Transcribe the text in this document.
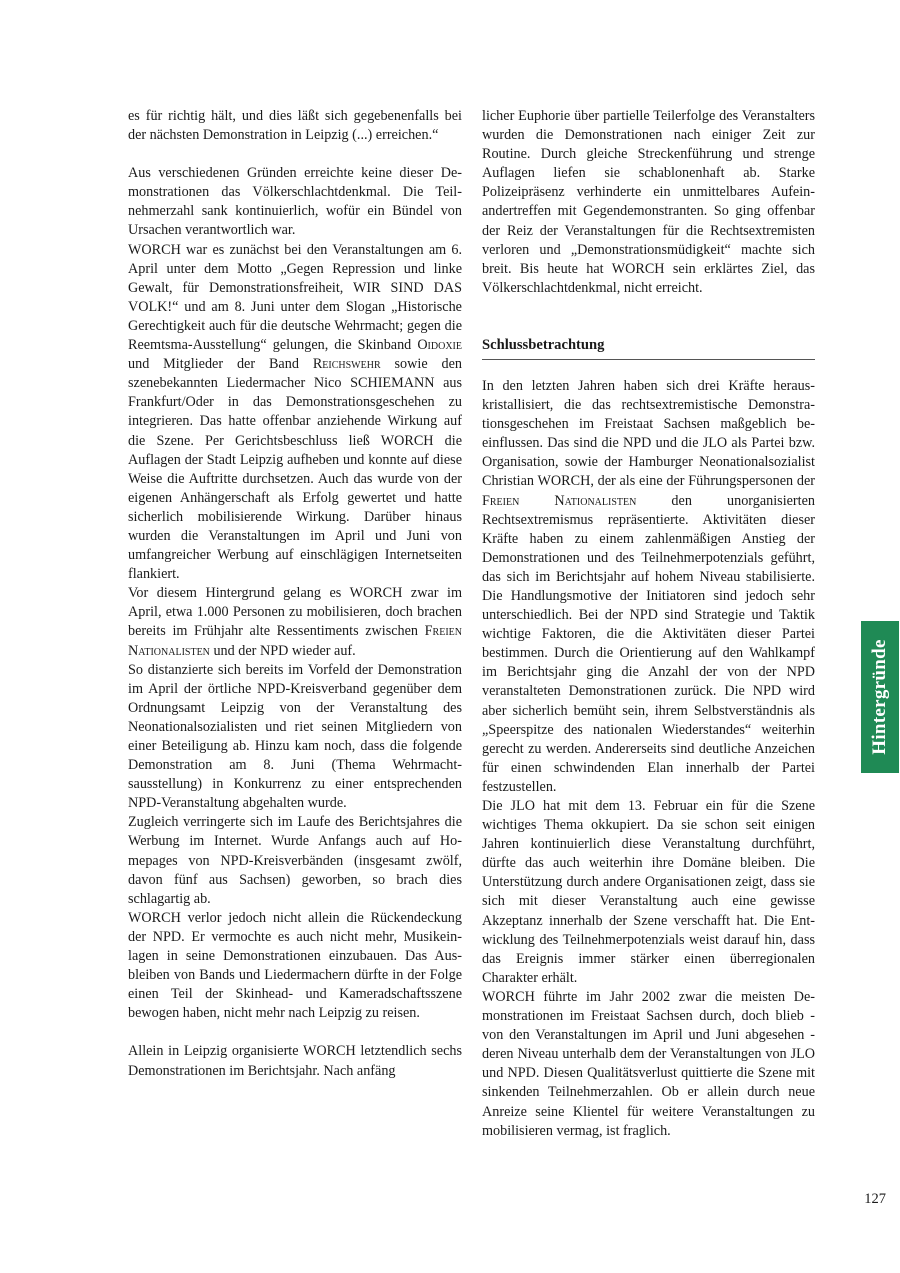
es für richtig hält, und dies läßt sich gegebenenfalls bei der nächsten Demonstration in Leipzig (...) erreichen.“

Aus verschiedenen Gründen erreichte keine dieser Demonstrationen das Völkerschlachtdenkmal. Die Teilnehmerzahl sank kontinuierlich, wofür ein Bündel von Ursachen verantwortlich war.

WORCH war es zunächst bei den Veranstaltungen am 6. April unter dem Motto „Gegen Repression und linke Gewalt, für Demonstrationsfreiheit, WIR SIND DAS VOLK!“ und am 8. Juni unter dem Slogan „Historische Gerechtigkeit auch für die deutsche Wehrmacht; gegen die Reemtsma-Ausstellung“ gelungen, die Skinband Oidoxie und Mitglieder der Band Reichswehr sowie den szenebekannten Liedermacher Nico SCHIEMANN aus Frankfurt/Oder in das Demonstrationsgeschehen zu integrieren. Das hatte offenbar anziehende Wirkung auf die Szene. Per Gerichtsbeschluss ließ WORCH die Auflagen der Stadt Leipzig aufheben und konnte auf diese Weise die Auftritte durchsetzen. Auch das wurde von der eigenen Anhängerschaft als Erfolg gewertet und hatte sicherlich mobilisierende Wirkung. Darüber hinaus wurden die Veranstaltungen im April und Juni von umfangreicher Werbung auf einschlägigen Internetseiten flankiert.

Vor diesem Hintergrund gelang es WORCH zwar im April, etwa 1.000 Personen zu mobilisieren, doch brachen bereits im Frühjahr alte Ressentiments zwischen Freien Nationalisten und der NPD wieder auf.

So distanzierte sich bereits im Vorfeld der Demonstration im April der örtliche NPD-Kreisverband gegenüber dem Ordnungsamt Leipzig von der Veranstaltung des Neonationalsozialisten und riet seinen Mitgliedern von einer Beteiligung ab. Hinzu kam noch, dass die folgende Demonstration am 8. Juni (Thema Wehrmachtsausstellung) in Konkurrenz zu einer entsprechenden NPD-Veranstaltung abgehalten wurde.

Zugleich verringerte sich im Laufe des Berichtsjahres die Werbung im Internet. Wurde Anfangs auch auf Homepages von NPD-Kreisverbänden (insgesamt zwölf, davon fünf aus Sachsen) geworben, so brach dies schlagartig ab.

WORCH verlor jedoch nicht allein die Rückendeckung der NPD. Er vermochte es auch nicht mehr, Musikeinlagen in seine Demonstrationen einzubauen. Das Ausbleiben von Bands und Liedermachern dürfte in der Folge einen Teil der Skinhead- und Kameradschaftsszene bewogen haben, nicht mehr nach Leipzig zu reisen.

Allein in Leipzig organisierte WORCH letztendlich sechs Demonstrationen im Berichtsjahr. Nach anfäng

licher Euphorie über partielle Teilerfolge des Veranstalters wurden die Demonstrationen nach einiger Zeit zur Routine. Durch gleiche Streckenführung und strenge Auflagen liefen sie schablonenhaft ab. Starke Polizeipräsenz verhinderte ein unmittelbares Aufeinandertreffen mit Gegendemonstranten. So ging offenbar der Reiz der Veranstaltungen für die Rechtsextremisten verloren und „Demonstrationsmüdigkeit“ machte sich breit. Bis heute hat WORCH sein erklärtes Ziel, das Völkerschlachtdenkmal, nicht erreicht.

Schlussbetrachtung

In den letzten Jahren haben sich drei Kräfte herauskristallisiert, die das rechtsextremistische Demonstrationsgeschehen im Freistaat Sachsen maßgeblich beeinflussen. Das sind die NPD und die JLO als Partei bzw. Organisation, sowie der Hamburger Neonationalsozialist Christian WORCH, der als eine der Führungspersonen der Freien Nationalisten den unorganisierten Rechtsextremismus repräsentierte. Aktivitäten dieser Kräfte haben zu einem zahlenmäßigen Anstieg der Demonstrationen und des Teilnehmerpotenzials geführt, das sich im Berichtsjahr auf hohem Niveau stabilisierte. Die Handlungsmotive der Initiatoren sind jedoch sehr unterschiedlich. Bei der NPD sind Strategie und Taktik wichtige Faktoren, die die Aktivitäten dieser Partei bestimmen. Durch die Orientierung auf den Wahlkampf im Berichtsjahr ging die Anzahl der von der NPD veranstalteten Demonstrationen zurück. Die NPD wird aber sicherlich bemüht sein, ihrem Selbstverständnis als „Speerspitze des nationalen Wiederstandes“ weiterhin gerecht zu werden. Andererseits sind deutliche Anzeichen für einen schwindenden Elan innerhalb der Partei festzustellen.

Die JLO hat mit dem 13. Februar ein für die Szene wichtiges Thema okkupiert. Da sie schon seit einigen Jahren kontinuierlich diese Veranstaltung durchführt, dürfte das auch weiterhin ihre Domäne bleiben. Die Unterstützung durch andere Organisationen zeigt, dass sie sich mit dieser Veranstaltung auch eine gewisse Akzeptanz innerhalb der Szene verschafft hat. Die Entwicklung des Teilnehmerpotenzials weist darauf hin, dass das Ereignis immer stärker einen überregionalen Charakter erhält.

WORCH führte im Jahr 2002 zwar die meisten Demonstrationen im Freistaat Sachsen durch, doch blieb - von den Veranstaltungen im April und Juni abgesehen - deren Niveau unterhalb dem der Veranstaltungen von JLO und NPD. Diesen Qualitätsverlust quittierte die Szene mit sinkenden Teilnehmerzahlen. Ob er allein durch neue Anreize seine Klientel für weitere Veranstaltungen zu mobilisieren vermag, ist fraglich.

Hintergründe
127
